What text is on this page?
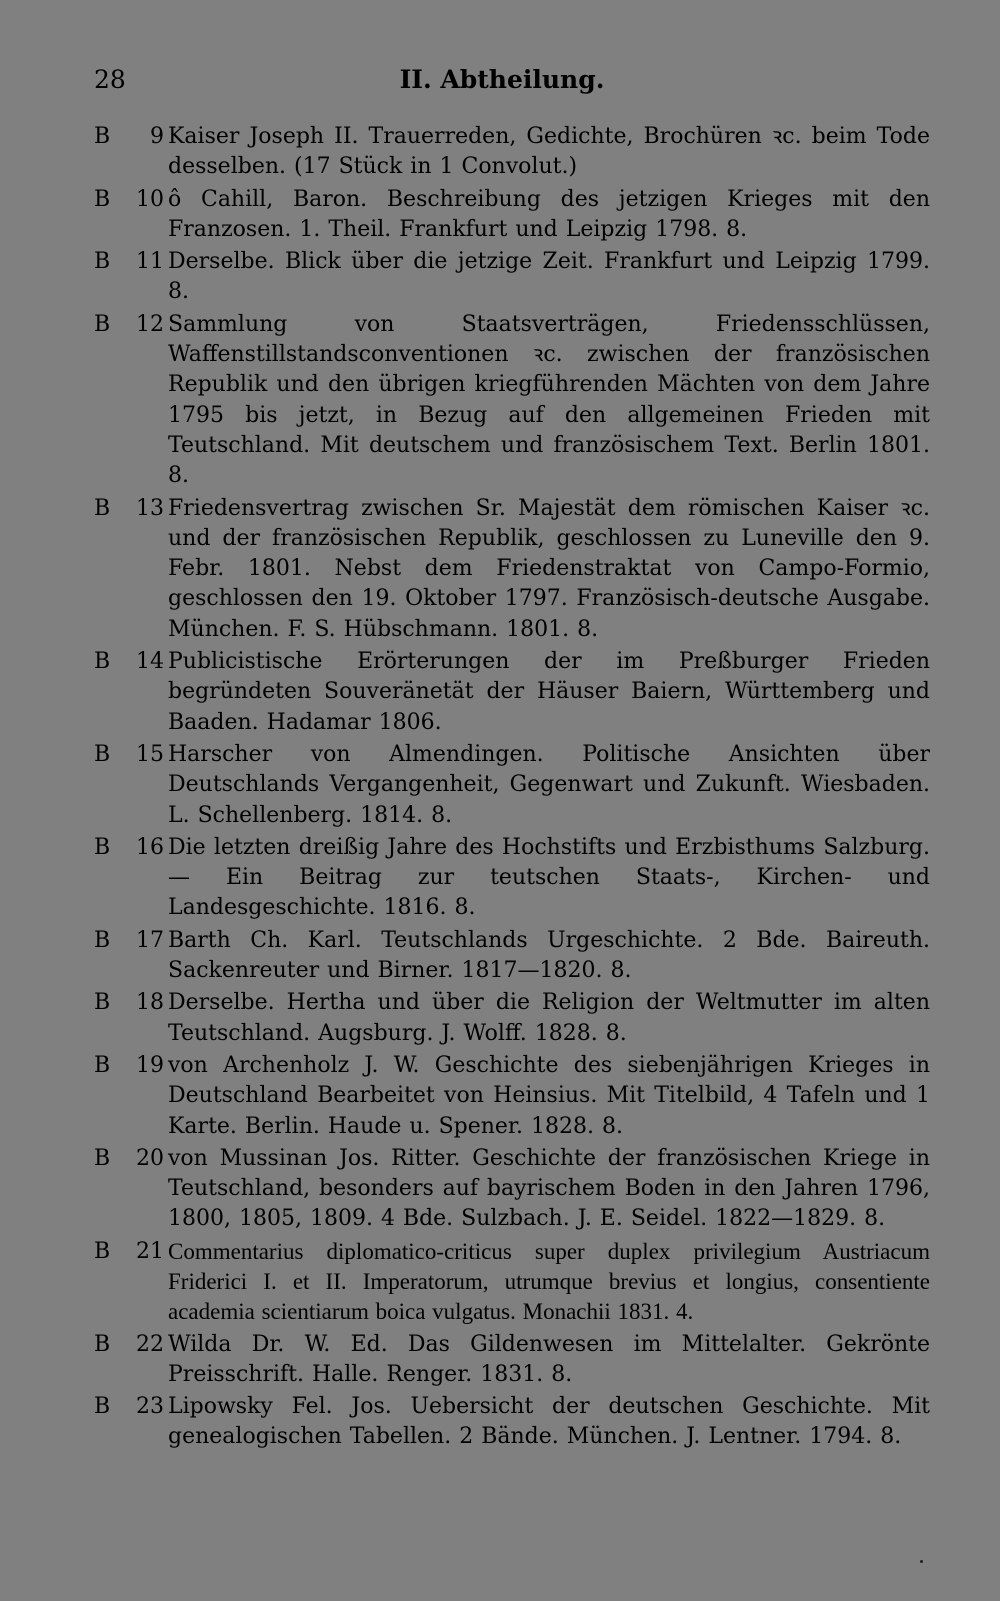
28	II. Abtheilung.
B	9 Kaiser Joseph II. Trauerreden, Gedichte, Brochüren ꝛc. beim Tode desselben. (17 Stück in 1 Convolut.)
B	10 ô Cahill, Baron. Beschreibung des jetzigen Krieges mit den Franzosen. 1. Theil. Frankfurt und Leipzig 1798. 8.
B	11 Derselbe. Blick über die jetzige Zeit. Frankfurt und Leipzig 1799. 8.
B	12 Sammlung von Staatsverträgen, Friedensschlüssen, Waffenstillstandsconventionen ꝛc. zwischen der französischen Republik und den übrigen kriegführenden Mächten von dem Jahre 1795 bis jetzt, in Bezug auf den allgemeinen Frieden mit Teutschland. Mit deutschem und französischem Text. Berlin 1801. 8.
B	13 Friedensvertrag zwischen Sr. Majestät dem römischen Kaiser ꝛc. und der französischen Republik, geschlossen zu Luneville den 9. Febr. 1801. Nebst dem Friedenstraktat von Campo-Formio, geschlossen den 19. Oktober 1797. Französisch-deutsche Ausgabe. München. F. S. Hübschmann. 1801. 8.
B	14 Publicistische Erörterungen der im Preßburger Frieden begründeten Souveränetät der Häuser Baiern, Württemberg und Baaden. Hadamar 1806.
B	15 Harscher von Almendingen. Politische Ansichten über Deutschlands Vergangenheit, Gegenwart und Zukunft. Wiesbaden. L. Schellenberg. 1814. 8.
B	16 Die letzten dreißig Jahre des Hochstifts und Erzbisthums Salzburg. — Ein Beitrag zur teutschen Staats-, Kirchen- und Landesgeschichte. 1816. 8.
B	17 Barth Ch. Karl. Teutschlands Urgeschichte. 2 Bde. Baireuth. Sackenreuter und Birner. 1817—1820. 8.
B	18 Derselbe. Hertha und über die Religion der Weltmutter im alten Teutschland. Augsburg. J. Wolff. 1828. 8.
B	19 von Archenholz J. W. Geschichte des siebenjährigen Krieges in Deutschland Bearbeitet von Heinsius. Mit Titelbild, 4 Tafeln und 1 Karte. Berlin. Haude u. Spener. 1828. 8.
B	20 von Mussinan Jos. Ritter. Geschichte der französischen Kriege in Teutschland, besonders auf bayrischem Boden in den Jahren 1796, 1800, 1805, 1809. 4 Bde. Sulzbach. J. E. Seidel. 1822—1829. 8.
B	21 Commentarius diplomatico-criticus super duplex privilegium Austriacum Friderici I. et II. Imperatorum, utrumque brevius et longius, consentiente academia scientiarum boica vulgatus. Monachii 1831. 4.
B	22 Wilda Dr. W. Ed. Das Gildenwesen im Mittelalter. Gekrönte Preisschrift. Halle. Renger. 1831. 8.
B	23 Lipowsky Fel. Jos. Uebersicht der deutschen Geschichte. Mit genealogischen Tabellen. 2 Bände. München. J. Lentner. 1794. 8.
